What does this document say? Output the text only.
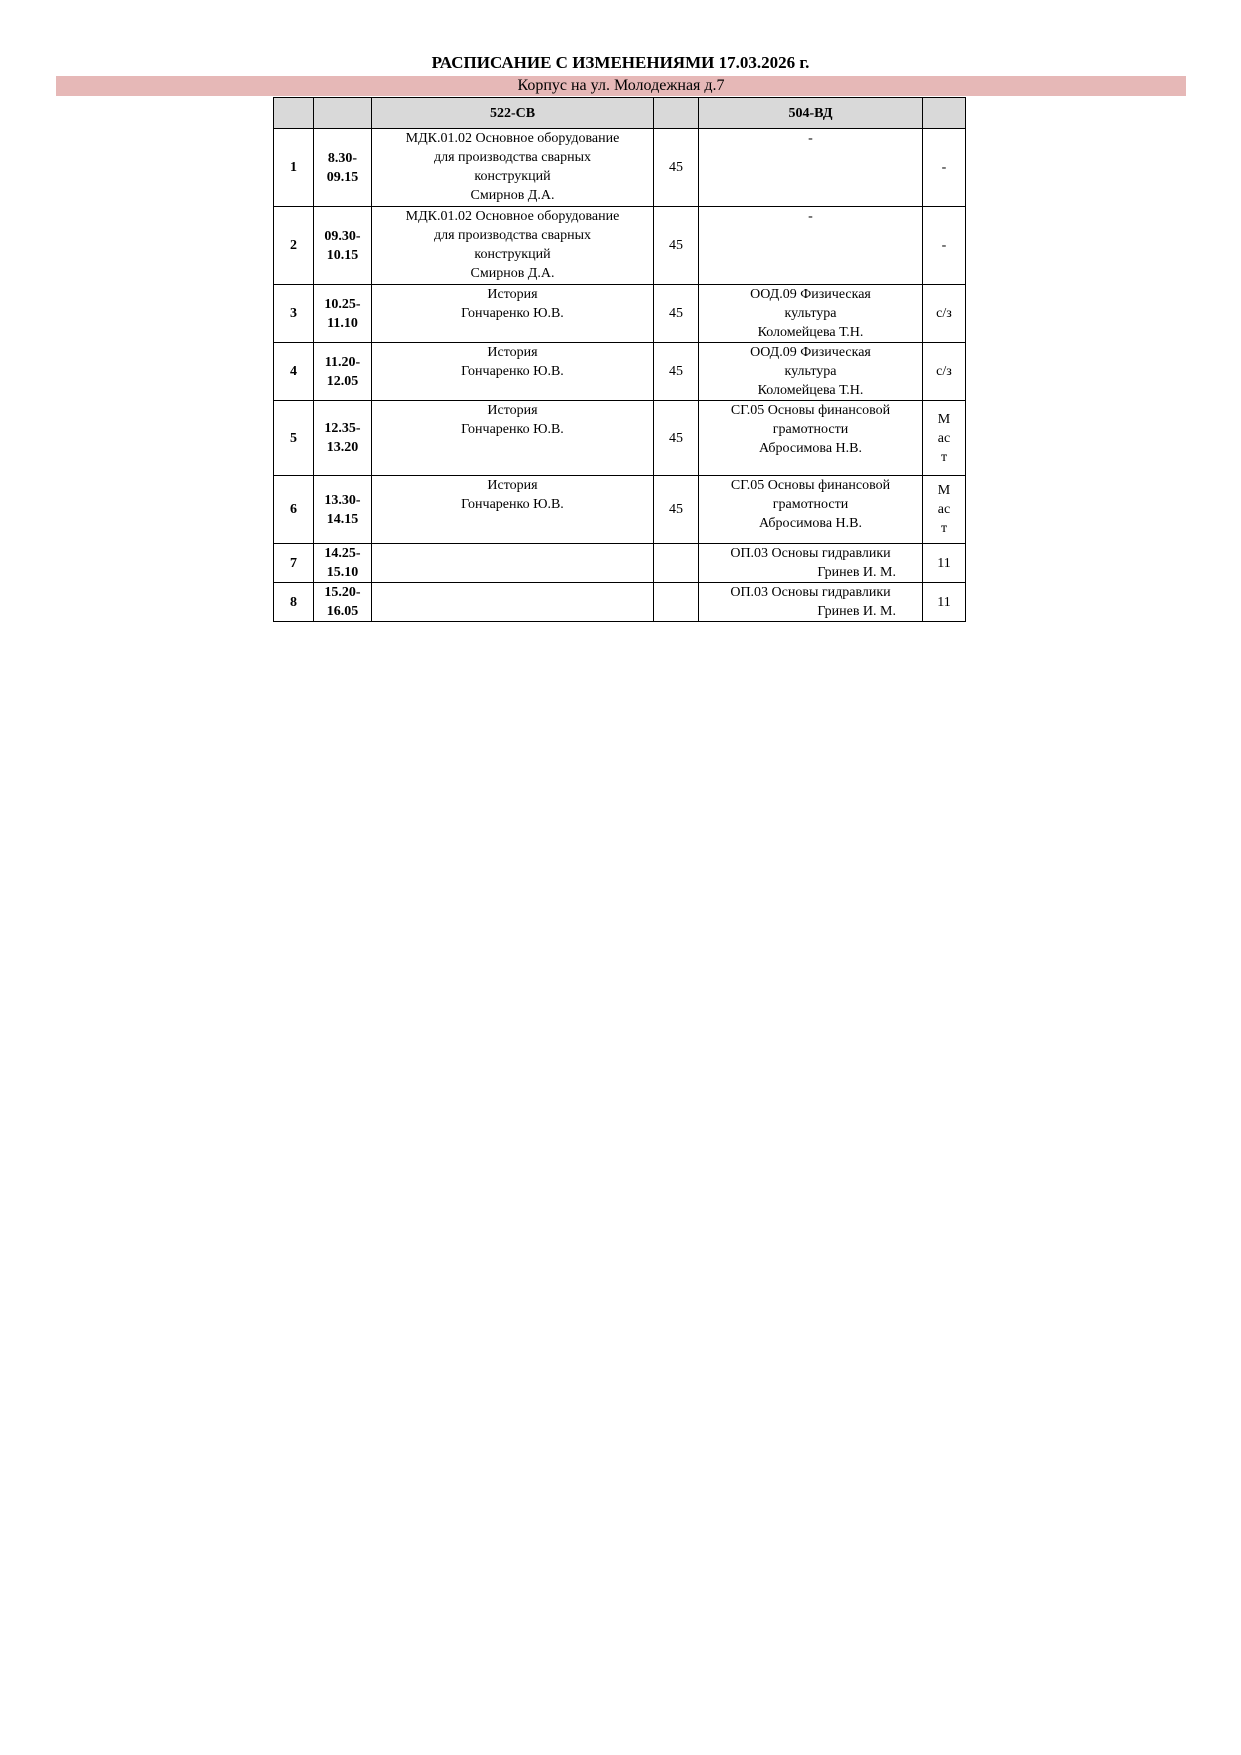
РАСПИСАНИЕ С ИЗМЕНЕНИЯМИ 17.03.2026 г.
Корпус на ул. Молодежная д.7
		522-СВ		504-ВД	
1	8.30-
09.15	МДК.01.02 Основное оборудование
для производства сварных
конструкций
Смирнов Д.А.	45	-	-
2	09.30-
10.15	МДК.01.02 Основное оборудование
для производства сварных
конструкций
Смирнов Д.А.	45	-	-
3	10.25-
11.10	История
Гончаренко Ю.В.	45	ООД.09 Физическая
культура
Коломейцева Т.Н.	с/з
4	11.20-
12.05	История
Гончаренко Ю.В.	45	ООД.09 Физическая
культура
Коломейцева Т.Н.	с/з
5	12.35-
13.20	История
Гончаренко Ю.В.	45	СГ.05 Основы финансовой
грамотности
Абросимова Н.В.	М
ас
т

6	13.30-
14.15	История
Гончаренко Ю.В.	45	СГ.05 Основы финансовой
грамотности
Абросимова Н.В.	М
ас
т

7	14.25-
15.10			ОП.03 Основы гидравлики
Гринев И. М.	11
8	15.20-
16.05			ОП.03 Основы гидравлики
Гринев И. М.	11
